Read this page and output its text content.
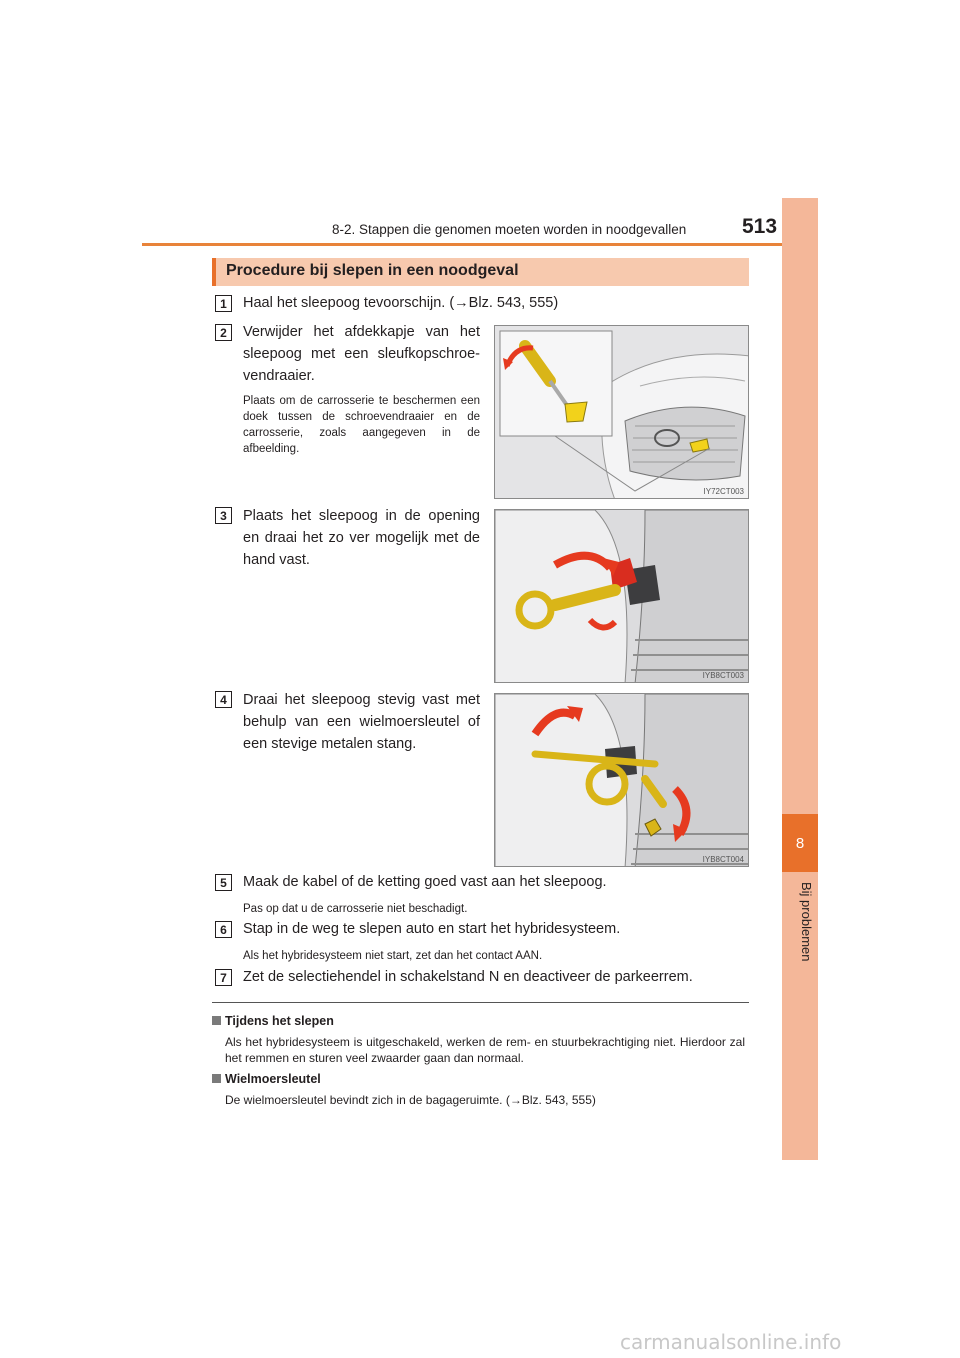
8-2. Stappen die genomen moeten worden in noodgevallen	513
8
Bij problemen
Procedure bij slepen in een noodgeval
1	Haal het sleepoog tevoorschijn. (→Blz. 543, 555)
2	Verwijder het afdekkapje van het sleepoog met een sleufkopschroe-vendraaier.
Plaats om de carrosserie te beschermen een doek tussen de schroevendraaier en de carrosserie, zoals aangegeven in de afbeelding.
IY72CT003
3	Plaats het sleepoog in de opening en draai het zo ver mogelijk met de hand vast.
IYB8CT003
4	Draai het sleepoog stevig vast met behulp van een wielmoersleutel of een stevige metalen stang.
IYB8CT004
5	Maak de kabel of de ketting goed vast aan het sleepoog.
Pas op dat u de carrosserie niet beschadigt.
6	Stap in de weg te slepen auto en start het hybridesysteem.
Als het hybridesysteem niet start, zet dan het contact AAN.
7	Zet de selectiehendel in schakelstand N en deactiveer de parkeerrem.
Tijdens het slepen
Als het hybridesysteem is uitgeschakeld, werken de rem- en stuurbekrachtiging niet. Hierdoor zal het remmen en sturen veel zwaarder gaan dan normaal.
Wielmoersleutel
De wielmoersleutel bevindt zich in de bagageruimte. (→Blz. 543, 555)
carmanualsonline.info
